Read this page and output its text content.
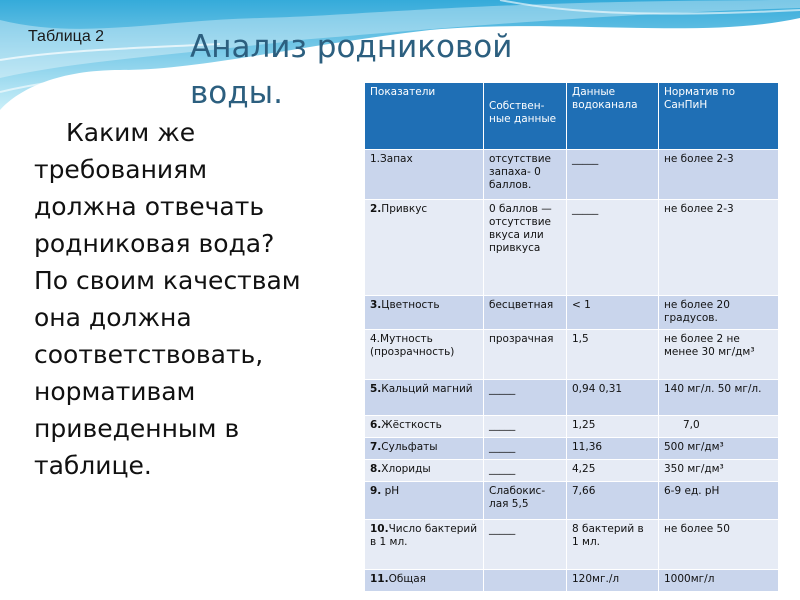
Таблица 2	Анализ родниковой
воды.
Каким же
требованиям
должна отвечать
родниковая вода?
По своим качествам
она должна
соответствовать,
нормативам
приведенным в
таблице.
Показатели	Собствен-ные данные	Данные водоканала	Норматив по СанПиН
1.Запах	отсутствие запаха- 0 баллов.	_____	не более 2-3
2.Привкус	0 баллов — отсутствие вкуса или привкуса	_____	не более 2-3
3.Цветность	бесцветная	< 1	не более 20 градусов.
4.Мутность (прозрачность)	прозрачная	1,5	не более 2 не менее 30 мг/дм³
5.Кальций магний	_____	0,94 0,31	140 мг/л. 50 мг/л.
6.Жёсткость	_____	1,25	7,0
7.Сульфаты	_____	11,36	500 мг/дм³
8.Хлориды	_____	4,25	350 мг/дм³
9. pH	Слабокис-лая 5,5	7,66	6-9 ед. pH
10.Число бактерий в 1 мл.	_____	8 бактерий в 1 мл.	не более 50
11.Общая		120мг./л	1000мг/л
